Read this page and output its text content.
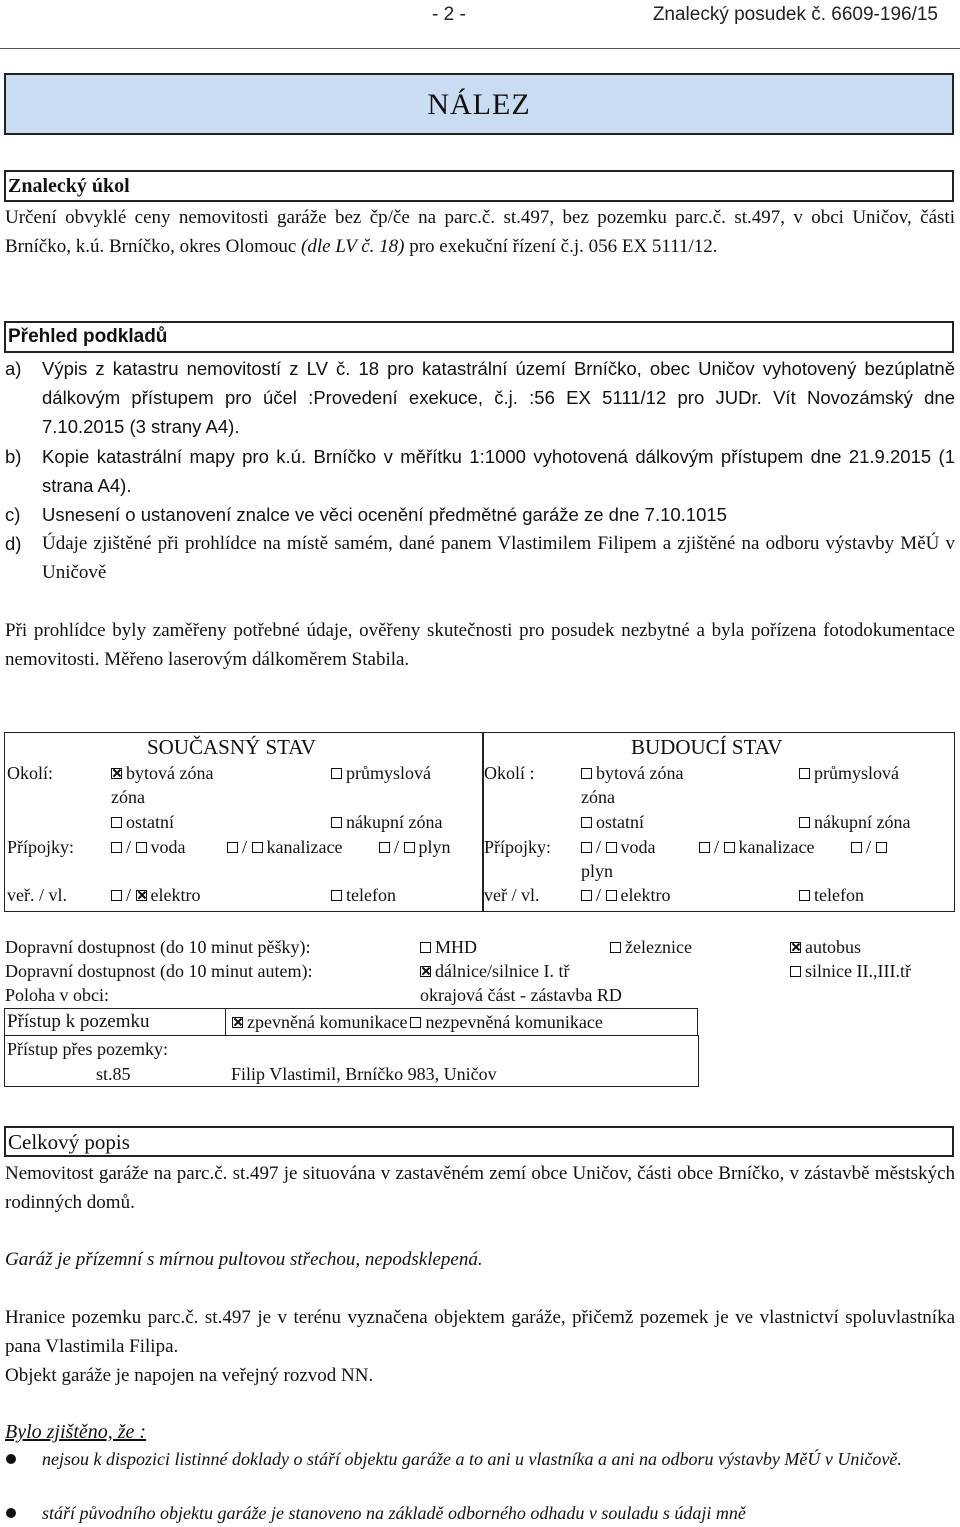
- 2 -	Znalecký posudek č. 6609-196/15
NÁLEZ
Znalecký úkol
Určení obvyklé ceny nemovitosti garáže bez čp/če na parc.č. st.497, bez pozemku parc.č. st.497, v obci Uničov, části Brníčko, k.ú. Brníčko, okres Olomouc (dle LV č. 18) pro exekuční řízení č.j. 056 EX 5111/12.
Přehled podkladů
a) Výpis z katastru nemovitostí z LV č. 18 pro katastrální území Brníčko, obec Uničov vyhotovený bezúplatně dálkovým přístupem pro účel :Provedení exekuce, č.j. :56 EX 5111/12 pro JUDr. Vít Novozámský dne 7.10.2015 (3 strany A4).
b) Kopie katastrální mapy pro k.ú. Brníčko v měřítku 1:1000 vyhotovená dálkovým přístupem dne 21.9.2015 (1 strana A4).
c) Usnesení o ustanovení znalce ve věci ocenění předmětné garáže ze dne 7.10.1015
d) Údaje zjištěné při prohlídce na místě samém, dané panem Vlastimilem Filipem a zjištěné na odboru výstavby MěÚ v Uničově
Při prohlídce byly zaměřeny potřebné údaje, ověřeny skutečnosti pro posudek nezbytné a byla pořízena fotodokumentace nemovitosti. Měřeno laserovým dálkoměrem Stabila.
SOUČASNÝ STAV
Okolí:	bytová zóna	průmyslová
zóna
ostatní	nákupní zóna
Přípojky:	/ voda	/ kanalizace	/ plyn
veř. / vl.	/ elektro	telefon
BUDOUCÍ STAV
Okolí :	bytová zóna	průmyslová
zóna
ostatní	nákupní zóna
Přípojky:	/ voda	/ kanalizace	/
plyn
veř / vl.	/ elektro	telefon
Dopravní dostupnost (do 10 minut pěšky):	MHD	železnice	autobus
Dopravní dostupnost (do 10 minut autem):	dálnice/silnice I. tř	silnice II.,III.tř
Poloha v obci:	okrajová část - zástavba RD
Přístup k pozemku	zpevněná komunikace nezpevněná komunikace
Přístup přes pozemky:
st.85	Filip Vlastimil, Brníčko 983, Uničov
Celkový popis
Nemovitost garáže na parc.č. st.497 je situována v zastavěném zemí obce Uničov, části obce Brníčko, v zástavbě městských rodinných domů.
Garáž je přízemní s mírnou pultovou střechou, nepodsklepená.
Hranice pozemku parc.č. st.497 je v terénu vyznačena objektem garáže, přičemž pozemek je ve vlastnictví spoluvlastníka pana Vlastimila Filipa.
Objekt garáže je napojen na veřejný rozvod NN.
Bylo zjištěno, že :
nejsou k dispozici listinné doklady o stáří objektu garáže a to ani u vlastníka a ani na odboru výstavby MěÚ v Uničově.
stáří původního objektu garáže je stanoveno na základě odborného odhadu v souladu s údaji mně
